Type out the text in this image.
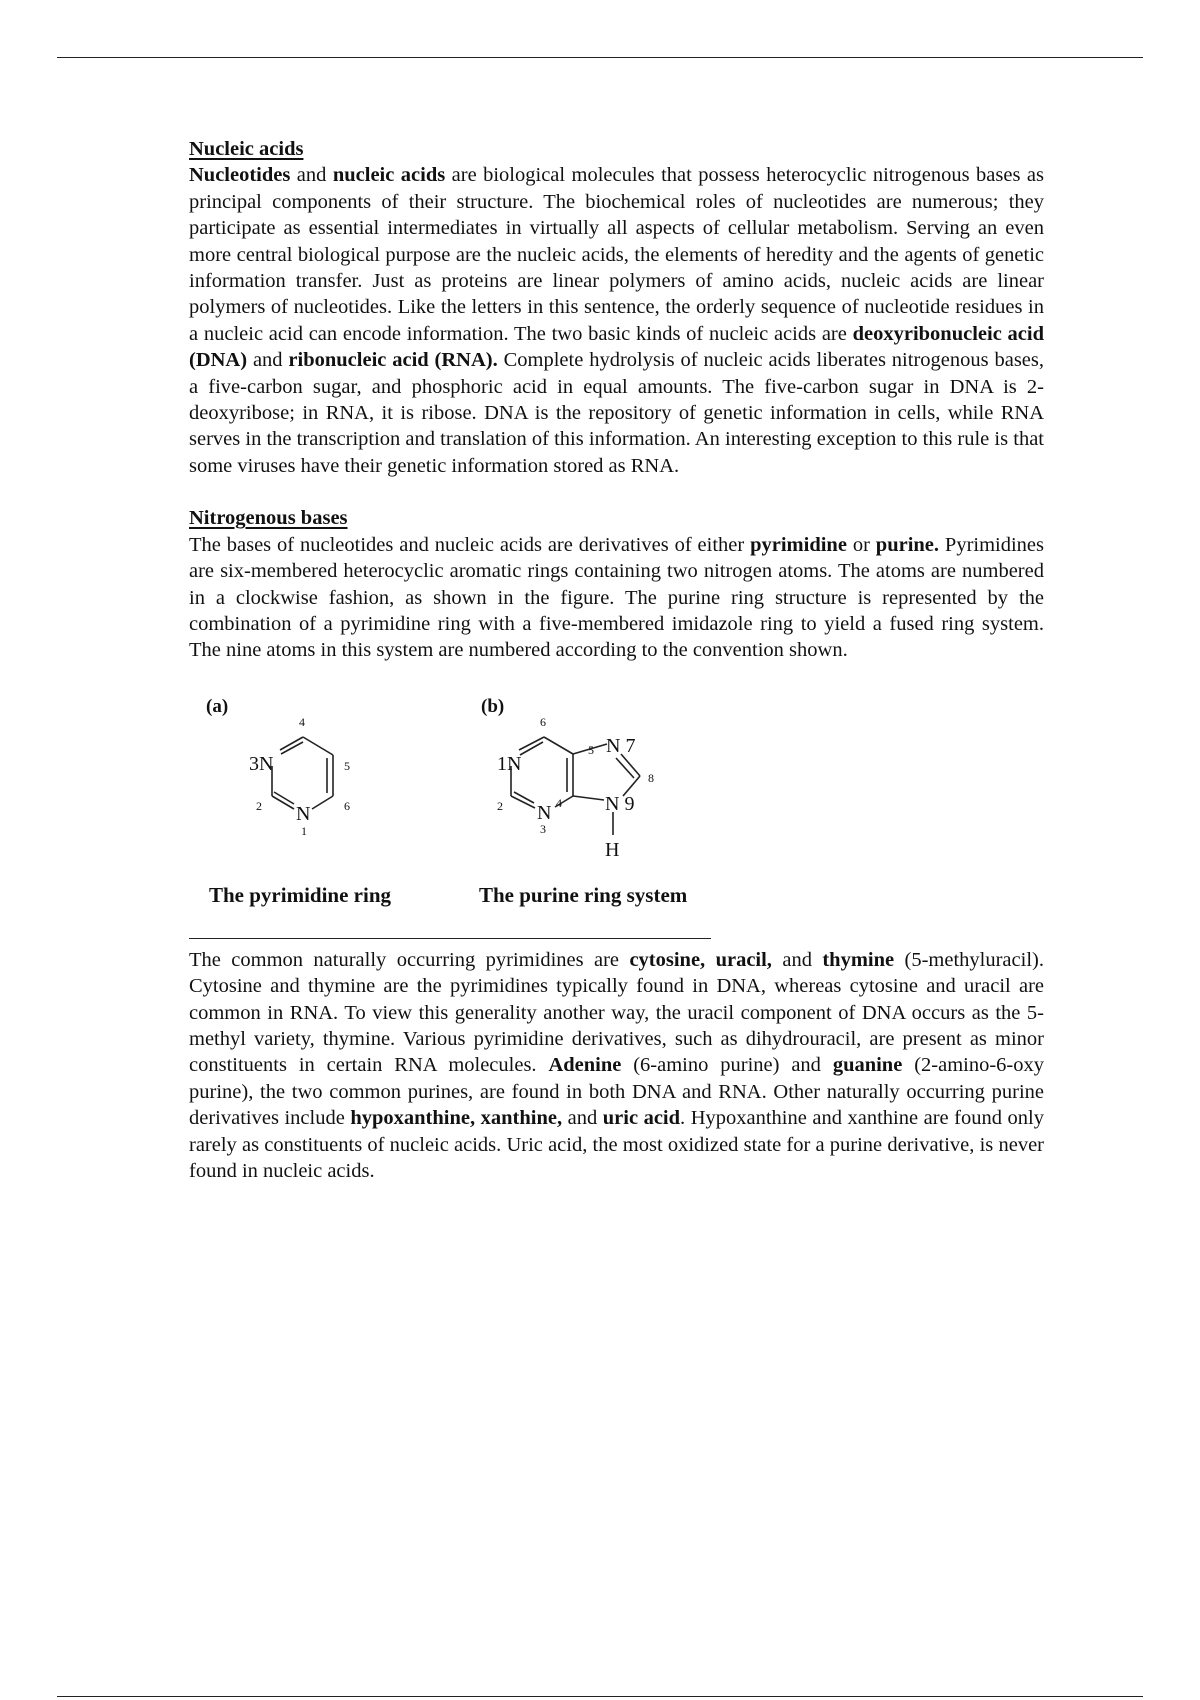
Nucleic acids

Nucleotides and nucleic acids are biological molecules that possess heterocyclic nitrogenous bases as principal components of their structure. The biochemical roles of nucleotides are numerous; they participate as essential intermediates in virtually all aspects of cellular metabolism. Serving an even more central biological purpose are the nucleic acids, the elements of heredity and the agents of genetic information transfer. Just as proteins are linear polymers of amino acids, nucleic acids are linear polymers of nucleotides. Like the letters in this sentence, the orderly sequence of nucleotide residues in a nucleic acid can encode information. The two basic kinds of nucleic acids are deoxyribonucleic acid (DNA) and ribonucleic acid (RNA). Complete hydrolysis of nucleic acids liberates nitrogenous bases, a five-carbon sugar, and phosphoric acid in equal amounts. The five-carbon sugar in DNA is 2-deoxyribose; in RNA, it is ribose. DNA is the repository of genetic information in cells, while RNA serves in the transcription and translation of this information. An interesting exception to this rule is that some viruses have their genetic information stored as RNA.

Nitrogenous bases

The bases of nucleotides and nucleic acids are derivatives of either pyrimidine or purine. Pyrimidines are six-membered heterocyclic aromatic rings containing two nitrogen atoms. The atoms are numbered in a clockwise fashion, as shown in the figure. The purine ring structure is represented by the combination of a pyrimidine ring with a five-membered imidazole ring to yield a fused ring system. The nine atoms in this system are numbered according to the convention shown.

(a)	(b)
3N
N
4
5
6
2
1
1N
N 7
N	N 9
H
6
5
8
2	4
3
The pyrimidine ring	The purine ring system

The common naturally occurring pyrimidines are cytosine, uracil, and thymine (5-methyluracil). Cytosine and thymine are the pyrimidines typically found in DNA, whereas cytosine and uracil are common in RNA. To view this generality another way, the uracil component of DNA occurs as the 5-methyl variety, thymine. Various pyrimidine derivatives, such as dihydrouracil, are present as minor constituents in certain RNA molecules. Adenine (6-amino purine) and guanine (2-amino-6-oxy purine), the two common purines, are found in both DNA and RNA. Other naturally occurring purine derivatives include hypoxanthine, xanthine, and uric acid. Hypoxanthine and xanthine are found only rarely as constituents of nucleic acids. Uric acid, the most oxidized state for a purine derivative, is never found in nucleic acids.
